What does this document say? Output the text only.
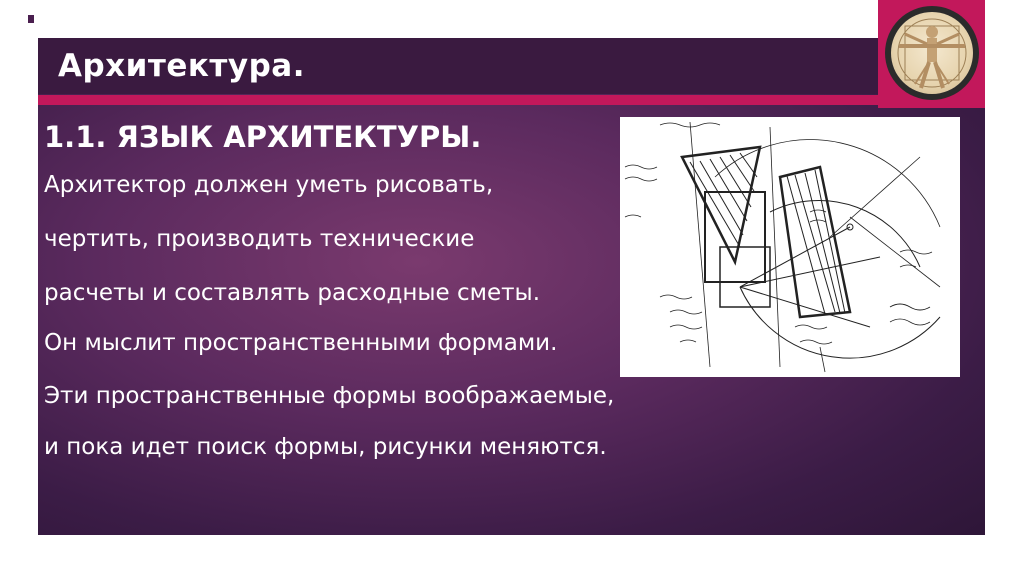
Архитектура.
1.1. ЯЗЫК АРХИТЕКТУРЫ.
Архитектор должен уметь рисовать,
чертить, производить технические
расчеты и составлять расходные сметы.
Он мыслит пространственными формами.
Эти пространственные формы воображаемые,
и пока идет поиск формы, рисунки меняются.
